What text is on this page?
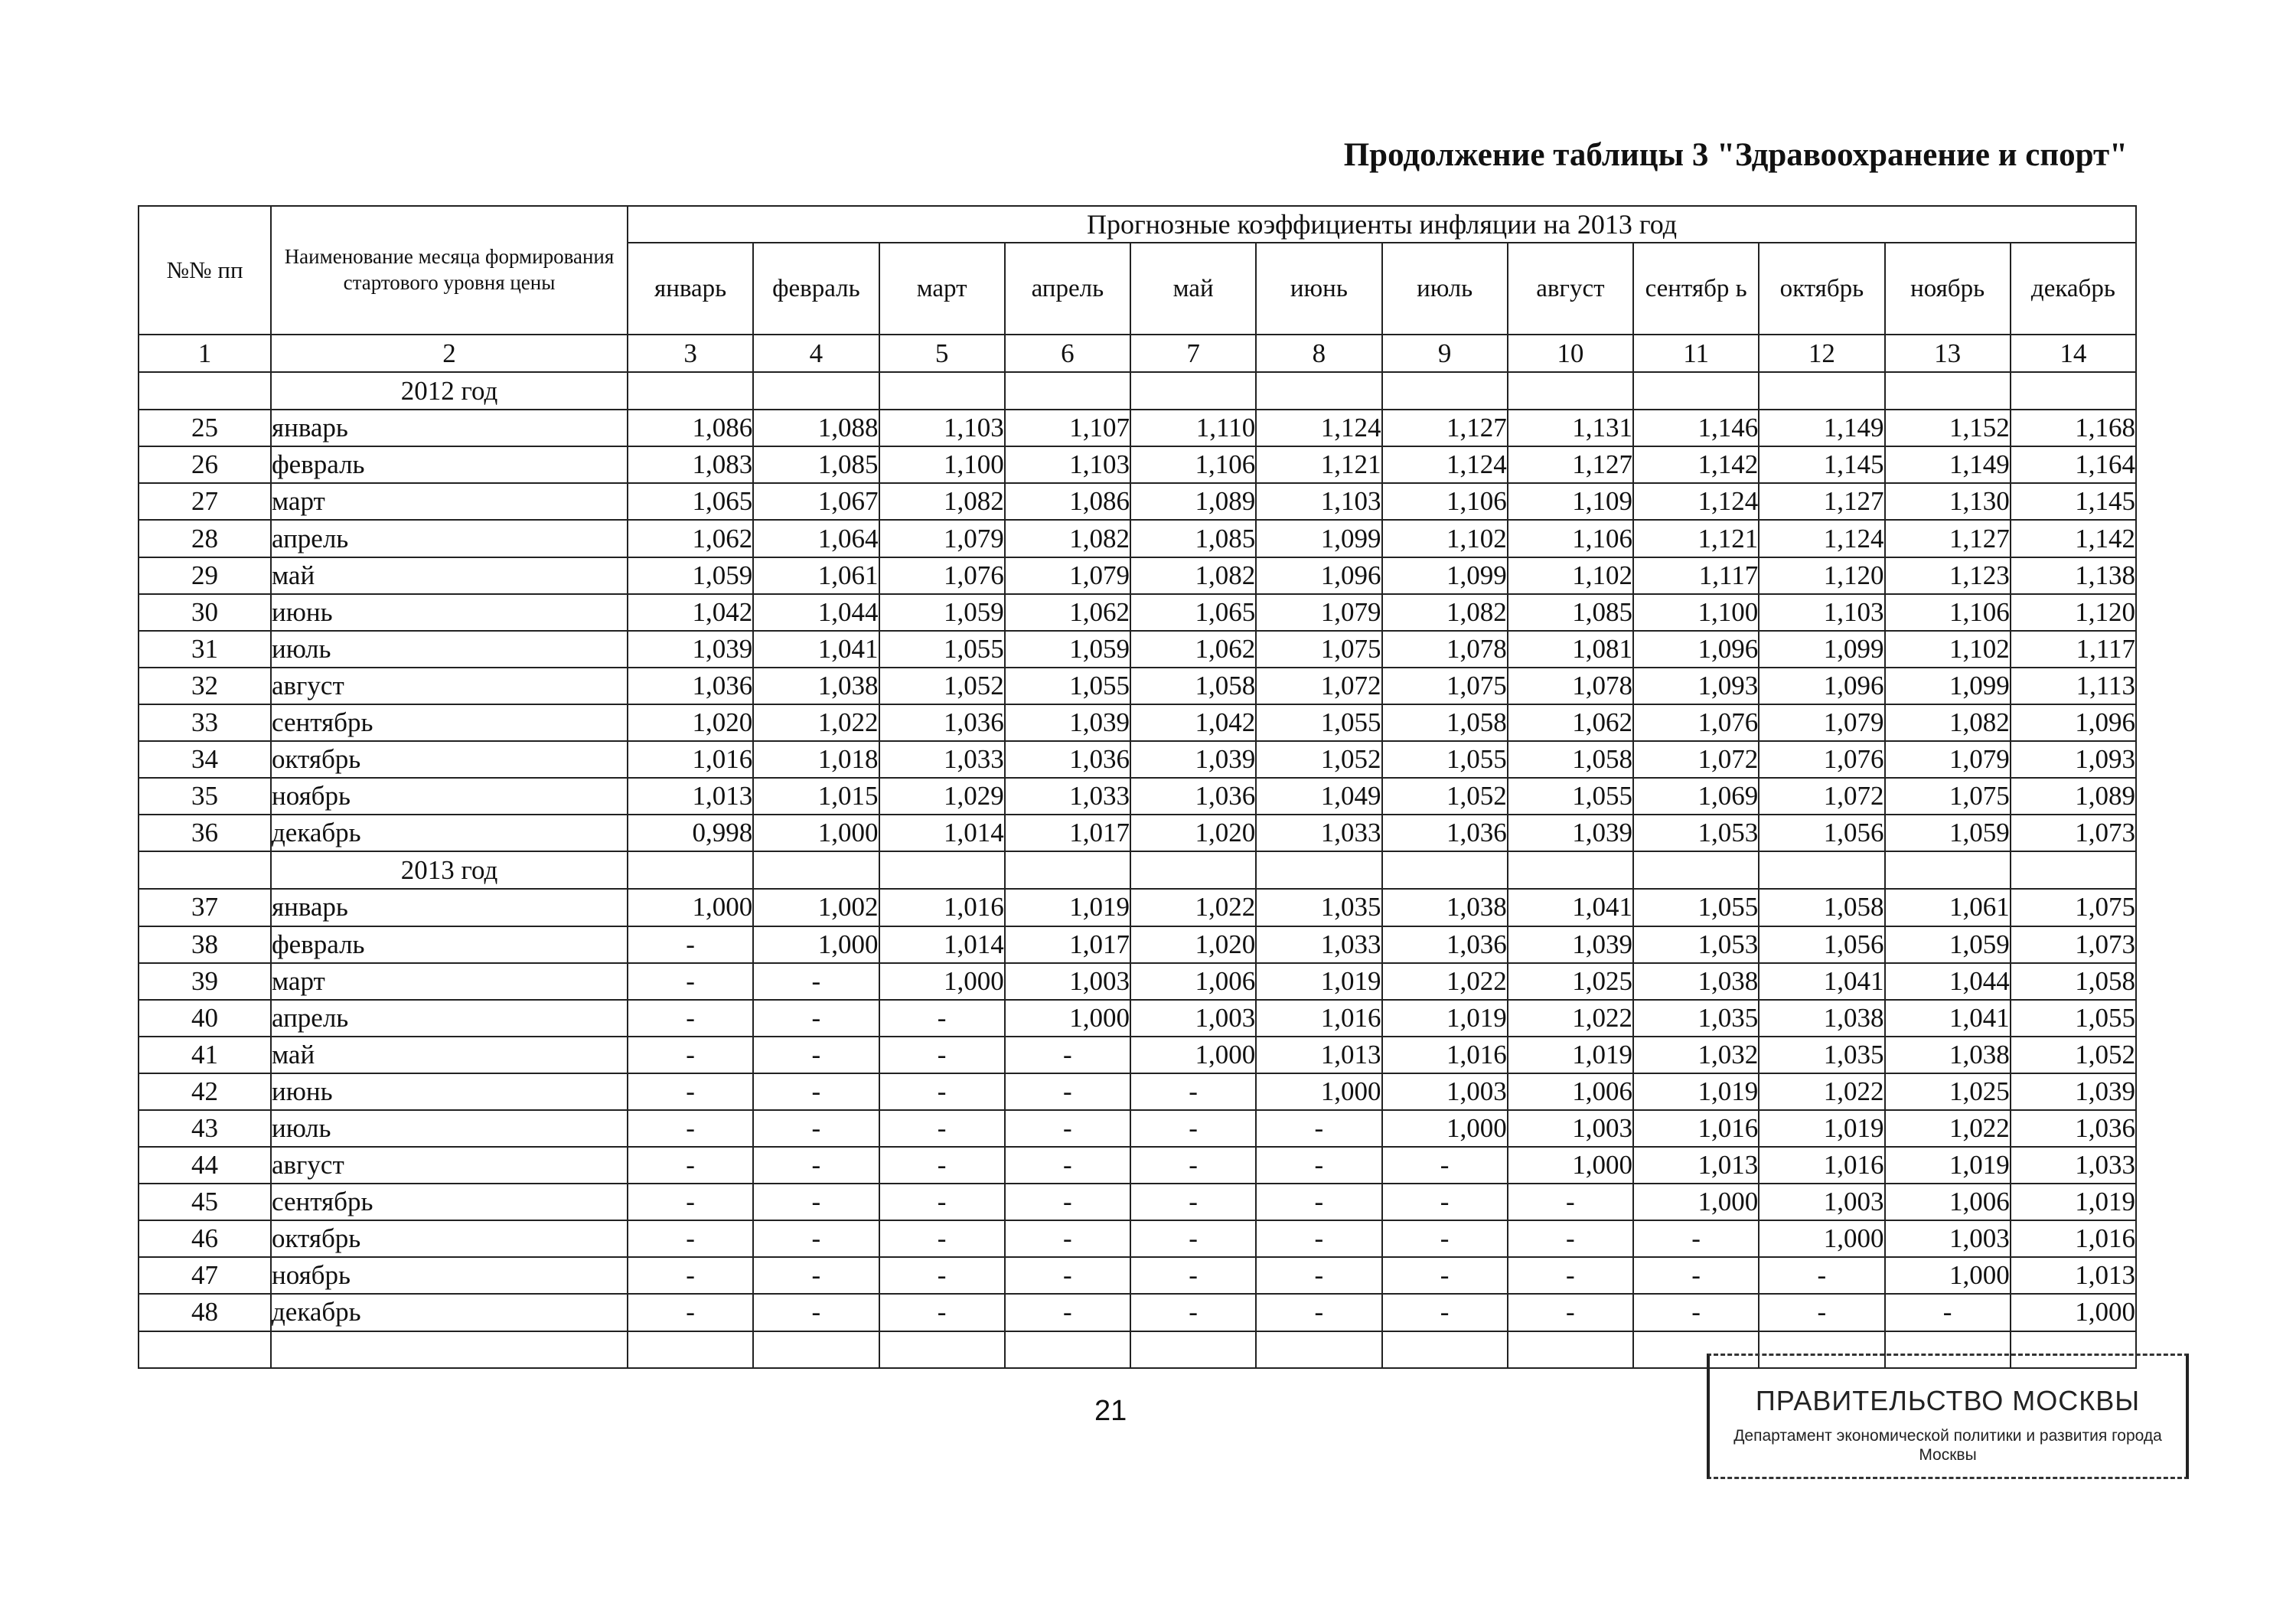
Продолжение таблицы 3 "Здравоохранение и спорт"
№№ пп	Наименование месяца формирования стартового уровня цены	Прогнозные коэффициенты инфляции на 2013 год											
		январь	февраль	март	апрель	май	июнь	июль	август	сентябр ь	октябрь	ноябрь	декабрь
1	2	3	4	5	6	7	8	9	10	11	12	13	14
	2012 год												
25	январь	1,086	1,088	1,103	1,107	1,110	1,124	1,127	1,131	1,146	1,149	1,152	1,168
26	февраль	1,083	1,085	1,100	1,103	1,106	1,121	1,124	1,127	1,142	1,145	1,149	1,164
27	март	1,065	1,067	1,082	1,086	1,089	1,103	1,106	1,109	1,124	1,127	1,130	1,145
28	апрель	1,062	1,064	1,079	1,082	1,085	1,099	1,102	1,106	1,121	1,124	1,127	1,142
29	май	1,059	1,061	1,076	1,079	1,082	1,096	1,099	1,102	1,117	1,120	1,123	1,138
30	июнь	1,042	1,044	1,059	1,062	1,065	1,079	1,082	1,085	1,100	1,103	1,106	1,120
31	июль	1,039	1,041	1,055	1,059	1,062	1,075	1,078	1,081	1,096	1,099	1,102	1,117
32	август	1,036	1,038	1,052	1,055	1,058	1,072	1,075	1,078	1,093	1,096	1,099	1,113
33	сентябрь	1,020	1,022	1,036	1,039	1,042	1,055	1,058	1,062	1,076	1,079	1,082	1,096
34	октябрь	1,016	1,018	1,033	1,036	1,039	1,052	1,055	1,058	1,072	1,076	1,079	1,093
35	ноябрь	1,013	1,015	1,029	1,033	1,036	1,049	1,052	1,055	1,069	1,072	1,075	1,089
36	декабрь	0,998	1,000	1,014	1,017	1,020	1,033	1,036	1,039	1,053	1,056	1,059	1,073
	2013 год												
37	январь	1,000	1,002	1,016	1,019	1,022	1,035	1,038	1,041	1,055	1,058	1,061	1,075
38	февраль	-	1,000	1,014	1,017	1,020	1,033	1,036	1,039	1,053	1,056	1,059	1,073
39	март	-	-	1,000	1,003	1,006	1,019	1,022	1,025	1,038	1,041	1,044	1,058
40	апрель	-	-	-	1,000	1,003	1,016	1,019	1,022	1,035	1,038	1,041	1,055
41	май	-	-	-	-	1,000	1,013	1,016	1,019	1,032	1,035	1,038	1,052
42	июнь	-	-	-	-	-	1,000	1,003	1,006	1,019	1,022	1,025	1,039
43	июль	-	-	-	-	-	-	1,000	1,003	1,016	1,019	1,022	1,036
44	август	-	-	-	-	-	-	-	1,000	1,013	1,016	1,019	1,033
45	сентябрь	-	-	-	-	-	-	-	-	1,000	1,003	1,006	1,019
46	октябрь	-	-	-	-	-	-	-	-	-	1,000	1,003	1,016
47	ноябрь	-	-	-	-	-	-	-	-	-	-	1,000	1,013
48	декабрь	-	-	-	-	-	-	-	-	-	-	-	1,000

21	ПРАВИТЕЛЬСТВО МОСКВЫ
Департамент экономической политики и развития города Москвы
